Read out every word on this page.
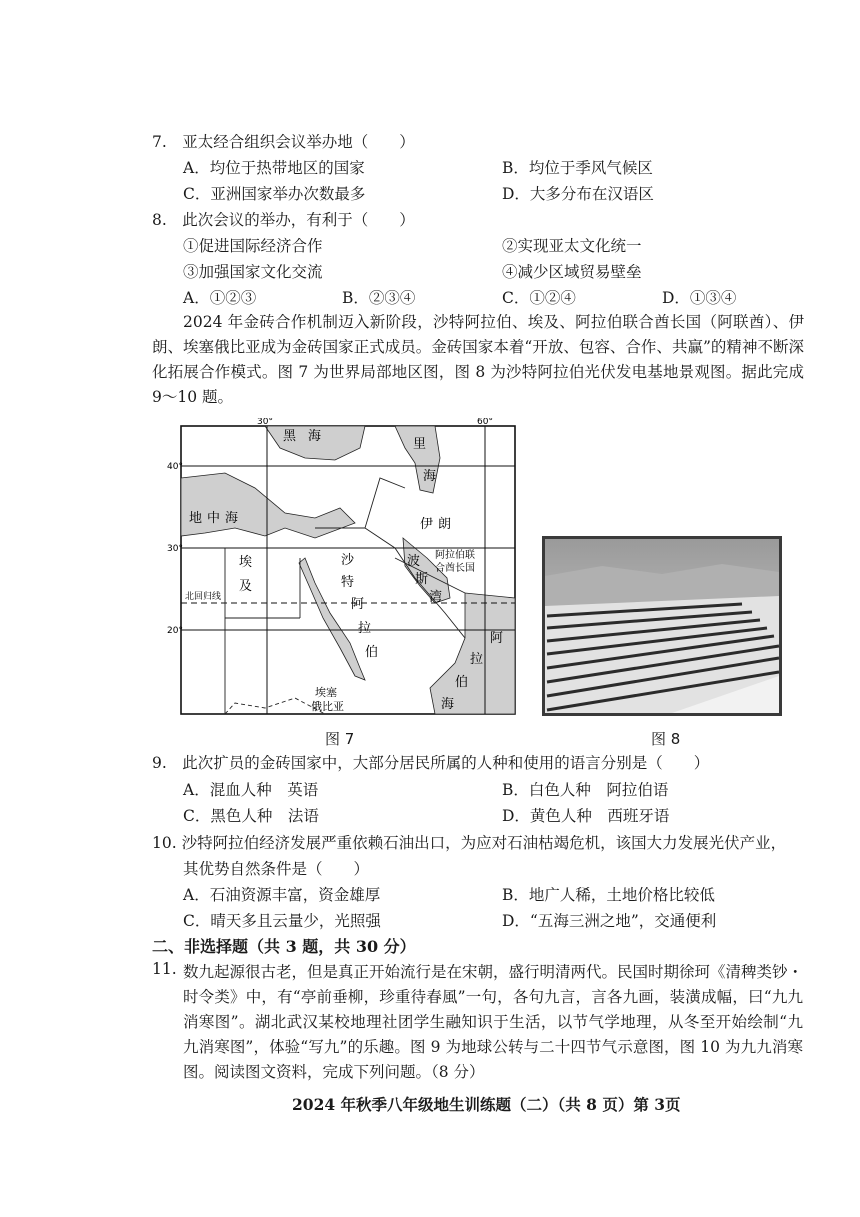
7.　亚太经合组织会议举办地（　　）
A．均位于热带地区的国家	B．均位于季风气候区
C．亚洲国家举办次数最多	D．大多分布在汉语区
8.　此次会议的举办，有利于（　　）
①促进国际经济合作	②实现亚太文化统一
③加强国家文化交流	④减少区域贸易壁垒
A．①②③	B．②③④	C．①②④	D．①③④
2024 年金砖合作机制迈入新阶段，沙特阿拉伯、埃及、阿拉伯联合酋长国（阿联酋）、伊朗、埃塞俄比亚成为金砖国家正式成员。金砖国家本着“开放、包容、合作、共赢”的精神不断深化拓展合作模式。图 7 为世界局部地区图，图 8 为沙特阿拉伯光伏发电基地景观图。据此完成 9～10 题。
30°	60°
40°
30°
20°
黑 海
里
海
地 中 海
阿
拉
伯
海
伊 朗
埃
及
沙
特
阿
拉
伯
埃塞
俄比亚
波
斯
湾
阿拉伯联
合酋长国
北回归线
图 7	图 8
9.　此次扩员的金砖国家中，大部分居民所属的人种和使用的语言分别是（　　）
A．混血人种　英语	B．白色人种　阿拉伯语
C．黑色人种　法语	D．黄色人种　西班牙语
10. 沙特阿拉伯经济发展严重依赖石油出口，为应对石油枯竭危机，该国大力发展光伏产业，
其优势自然条件是（　　）
A．石油资源丰富，资金雄厚	B．地广人稀，土地价格比较低
C．晴天多且云量少，光照强	D．“五海三洲之地”，交通便利
二、非选择题（共 3 题，共 30 分）
11. 数九起源很古老，但是真正开始流行是在宋朝，盛行明清两代。民国时期徐珂《清稗类钞・时令类》中，有“亭前垂柳，珍重待春風”一句，各句九言，言各九画，装潢成幅，曰“九九消寒图”。湖北武汉某校地理社团学生融知识于生活，以节气学地理，从冬至开始绘制“九九消寒图”，体验“写九”的乐趣。图 9 为地球公转与二十四节气示意图，图 10 为九九消寒图。阅读图文资料，完成下列问题。（8 分）
2024 年秋季八年级地生训练题（二）（共 8 页）第 3页
